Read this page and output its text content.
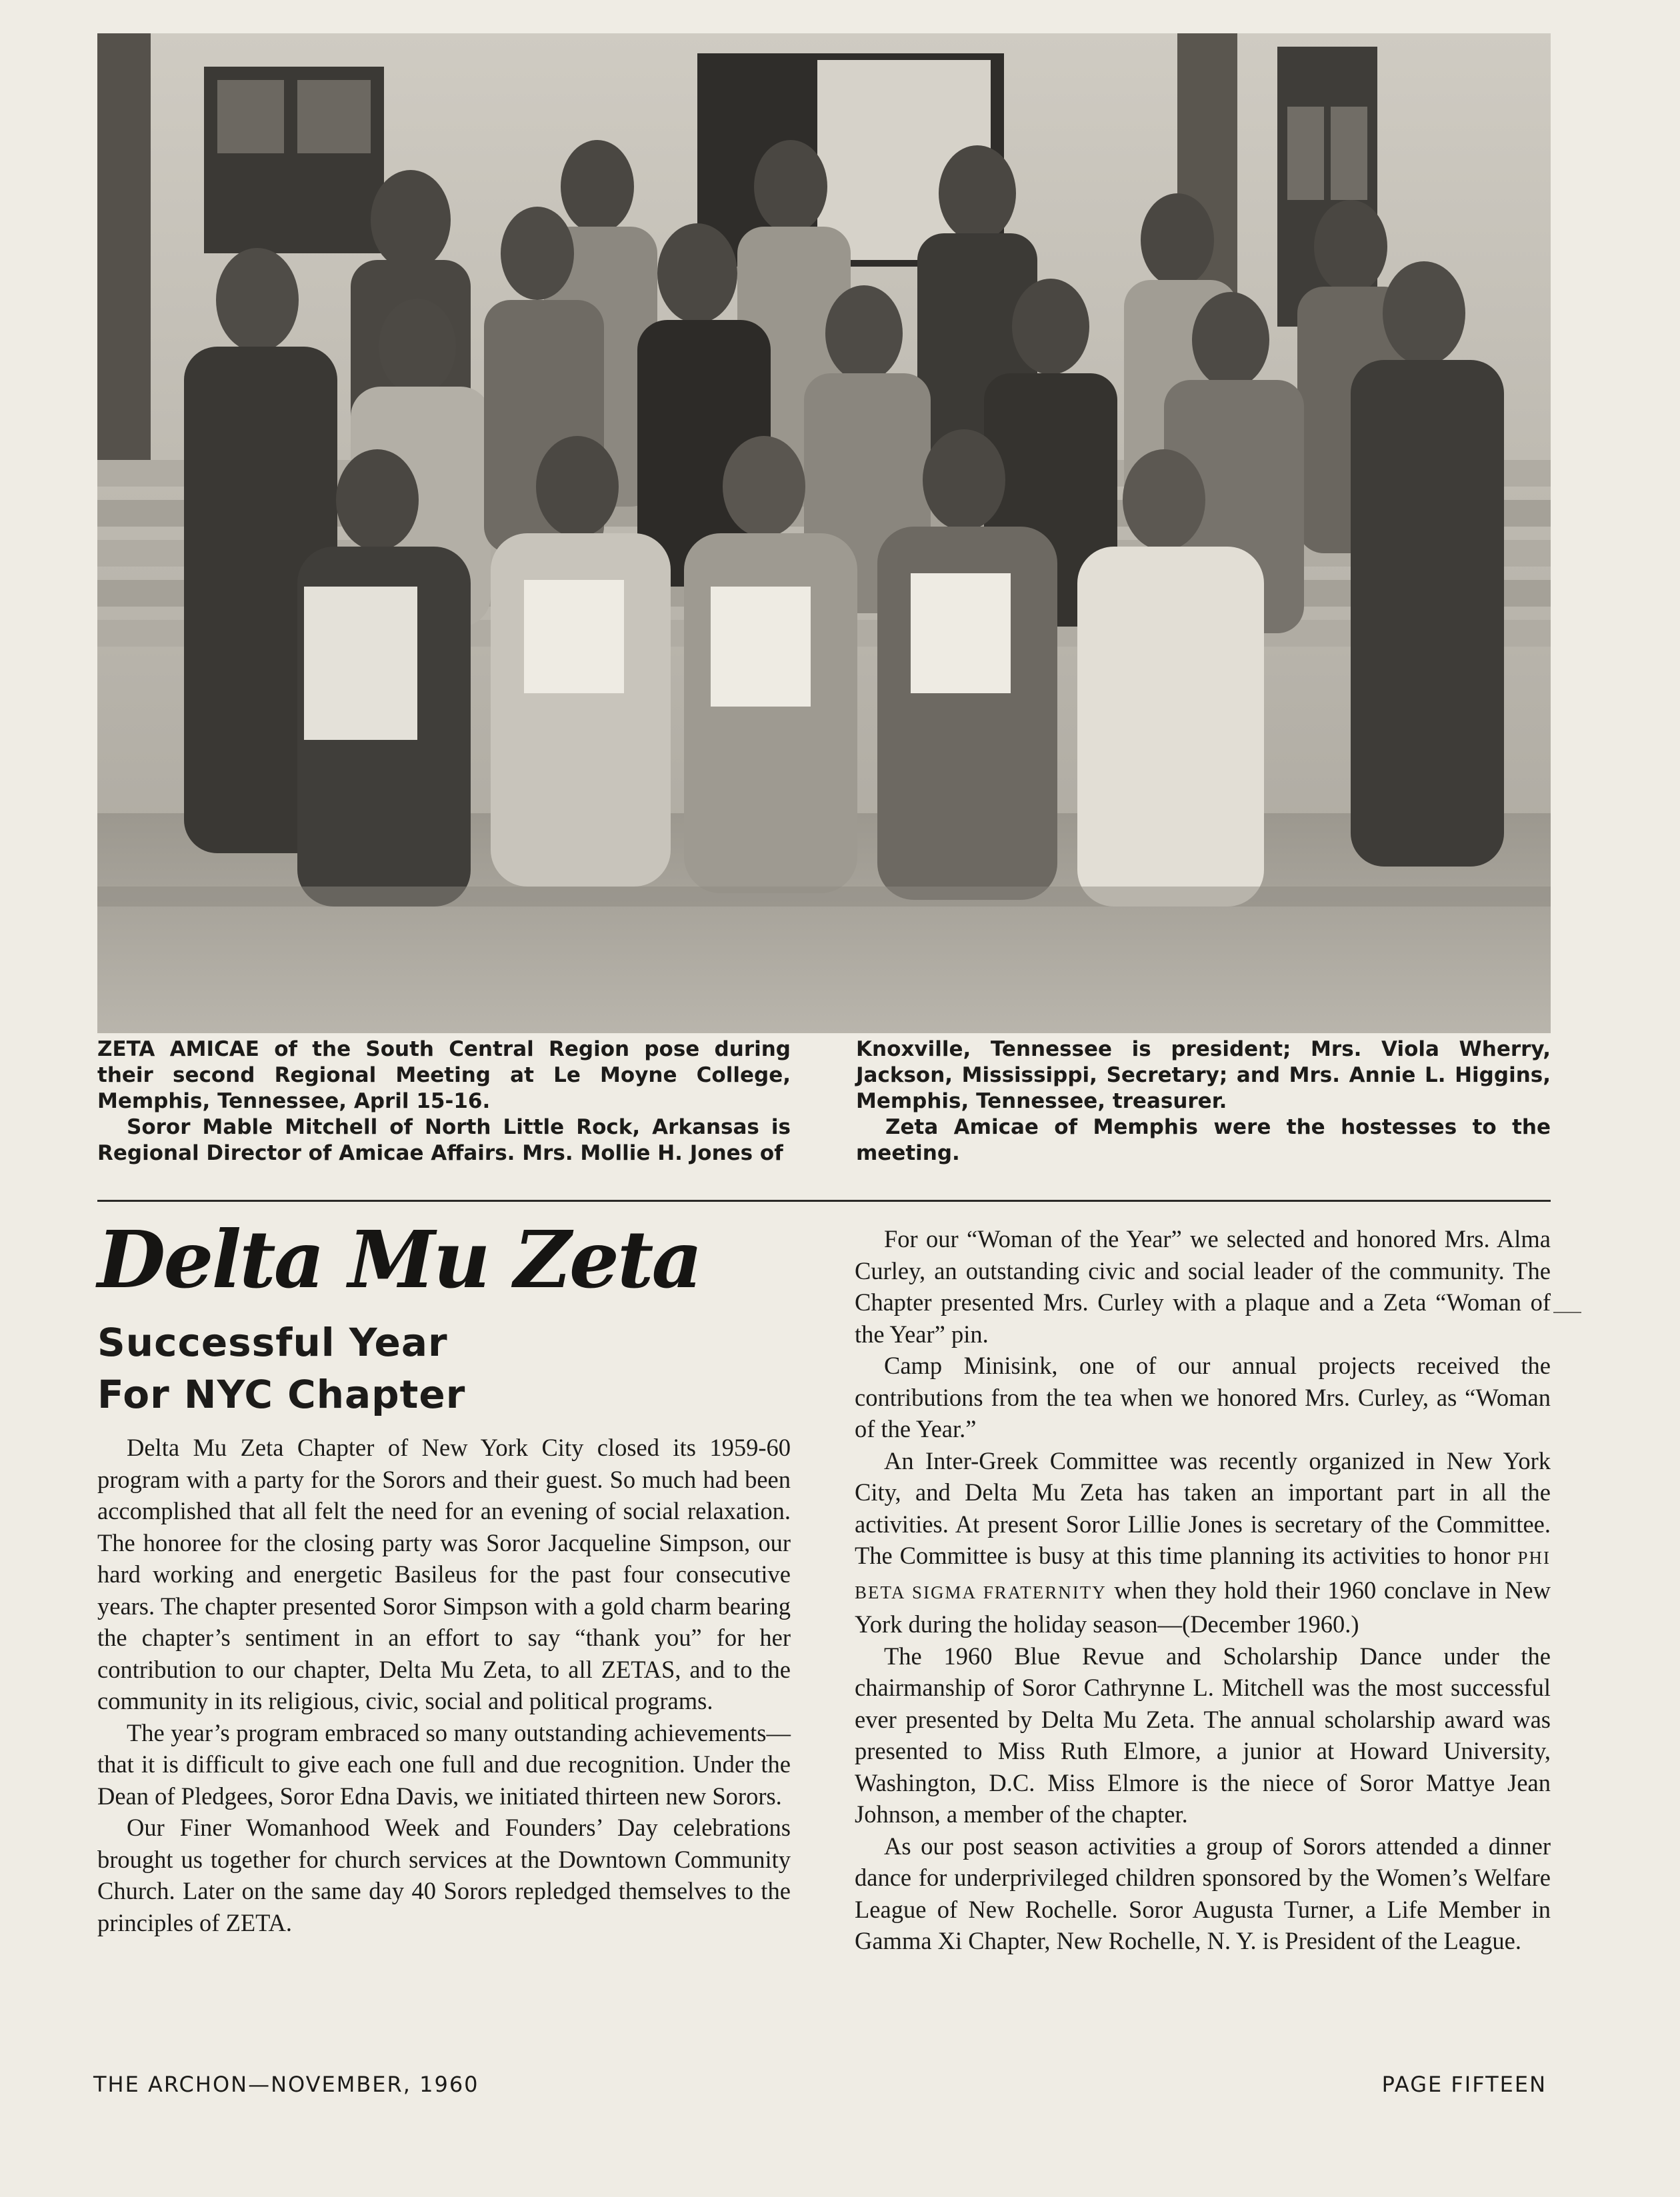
ZETA AMICAE of the South Central Region pose during their second Regional Meeting at Le Moyne College, Memphis, Tennessee, April 15-16.

Soror Mable Mitchell of North Little Rock, Arkansas is Regional Director of Amicae Affairs. Mrs. Mollie H. Jones of

Knoxville, Tennessee is president; Mrs. Viola Wherry, Jackson, Mississippi, Secretary; and Mrs. Annie L. Higgins, Memphis, Tennessee, treasurer.

Zeta Amicae of Memphis were the hostesses to the meeting.

Delta Mu Zeta
Successful Year
For NYC Chapter

Delta Mu Zeta Chapter of New York City closed its 1959-60 program with a party for the Sorors and their guest. So much had been accomplished that all felt the need for an evening of social relaxation. The honoree for the closing party was Soror Jacqueline Simpson, our hard working and energetic Basileus for the past four consecutive years. The chapter presented Soror Simpson with a gold charm bearing the chapter’s sentiment in an effort to say “thank you” for her contribution to our chapter, Delta Mu Zeta, to all ZETAS, and to the community in its religious, civic, social and political programs.

The year’s program embraced so many outstanding achievements—that it is difficult to give each one full and due recognition. Under the Dean of Pledgees, Soror Edna Davis, we initiated thirteen new Sorors.

Our Finer Womanhood Week and Founders’ Day celebrations brought us together for church services at the Downtown Community Church. Later on the same day 40 Sorors repledged themselves to the principles of ZETA.

For our “Woman of the Year” we selected and honored Mrs. Alma Curley, an outstanding civic and social leader of the community. The Chapter presented Mrs. Curley with a plaque and a Zeta “Woman of the Year” pin.

Camp Minisink, one of our annual projects received the contributions from the tea when we honored Mrs. Curley, as “Woman of the Year.”

An Inter-Greek Committee was recently organized in New York City, and Delta Mu Zeta has taken an important part in all the activities. At present Soror Lillie Jones is secretary of the Committee. The Committee is busy at this time planning its activities to honor PHI BETA SIGMA FRATERNITY when they hold their 1960 conclave in New York during the holiday season—(December 1960.)

The 1960 Blue Revue and Scholarship Dance under the chairmanship of Soror Cathrynne L. Mitchell was the most successful ever presented by Delta Mu Zeta. The annual scholarship award was presented to Miss Ruth Elmore, a junior at Howard University, Washington, D.C. Miss Elmore is the niece of Soror Mattye Jean Johnson, a member of the chapter.

As our post season activities a group of Sorors attended a dinner dance for underprivileged children sponsored by the Women’s Welfare League of New Rochelle. Soror Augusta Turner, a Life Member in Gamma Xi Chapter, New Rochelle, N. Y. is President of the League.

THE ARCHON—NOVEMBER, 1960	PAGE FIFTEEN
